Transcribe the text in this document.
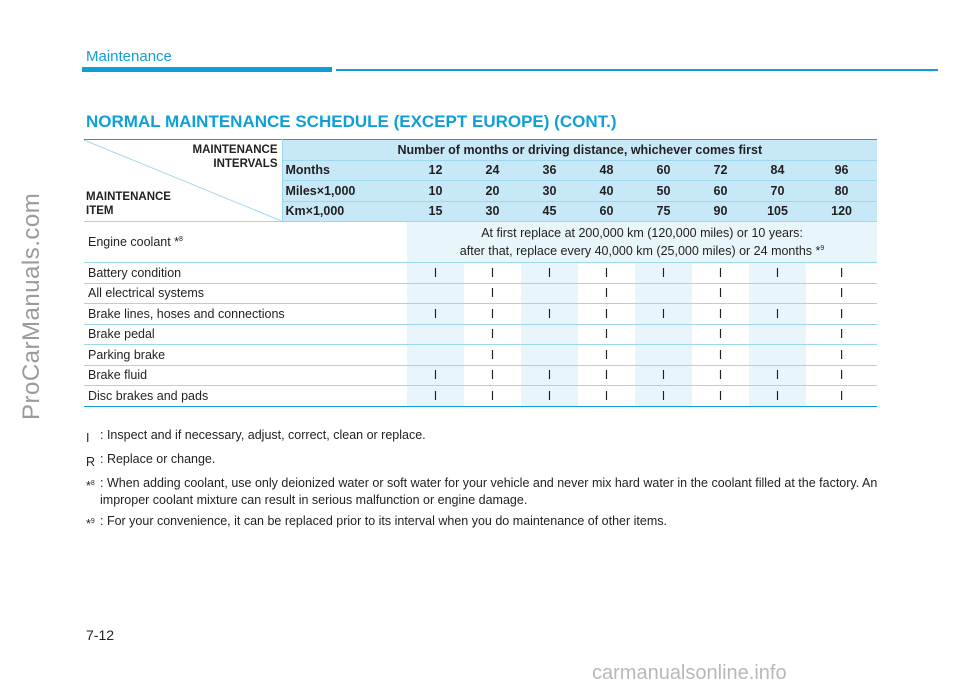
ProCarManuals.com
carmanualsonline.info
Maintenance
NORMAL MAINTENANCE SCHEDULE (EXCEPT EUROPE) (CONT.)
MAINTENANCE
INTERVALS
MAINTENANCE
ITEM	Number of months or driving distance, whichever comes first								
	Months	12	24	36	48	60	72	84	96
	Miles×1,000	10	20	30	40	50	60	70	80
	Km×1,000	15	30	45	60	75	90	105	120
Engine coolant *$^8$		At first replace at 200,000 km (120,000 miles) or 10 years:
after that, replace every 40,000 km (25,000 miles) or 24 months *$^9$

Battery condition		I	I	I	I	I	I	I	I
All electrical systems			I		I		I		I
Brake lines, hoses and connections		I	I	I	I	I	I	I	I
Brake pedal			I		I		I		I
Parking brake			I		I		I		I
Brake fluid		I	I	I	I	I	I	I	I
Disc brakes and pads		I	I	I	I	I	I	I	I
I : Inspect and if necessary, adjust, correct, clean or replace.
R : Replace or change.
*$^8$ : When adding coolant, use only deionized water or soft water for your vehicle and never mix hard water in the coolant filled at the factory. An improper coolant mixture can result in serious malfunction or engine damage.
*$^9$ : For your convenience, it can be replaced prior to its interval when you do maintenance of other items.
7-12
